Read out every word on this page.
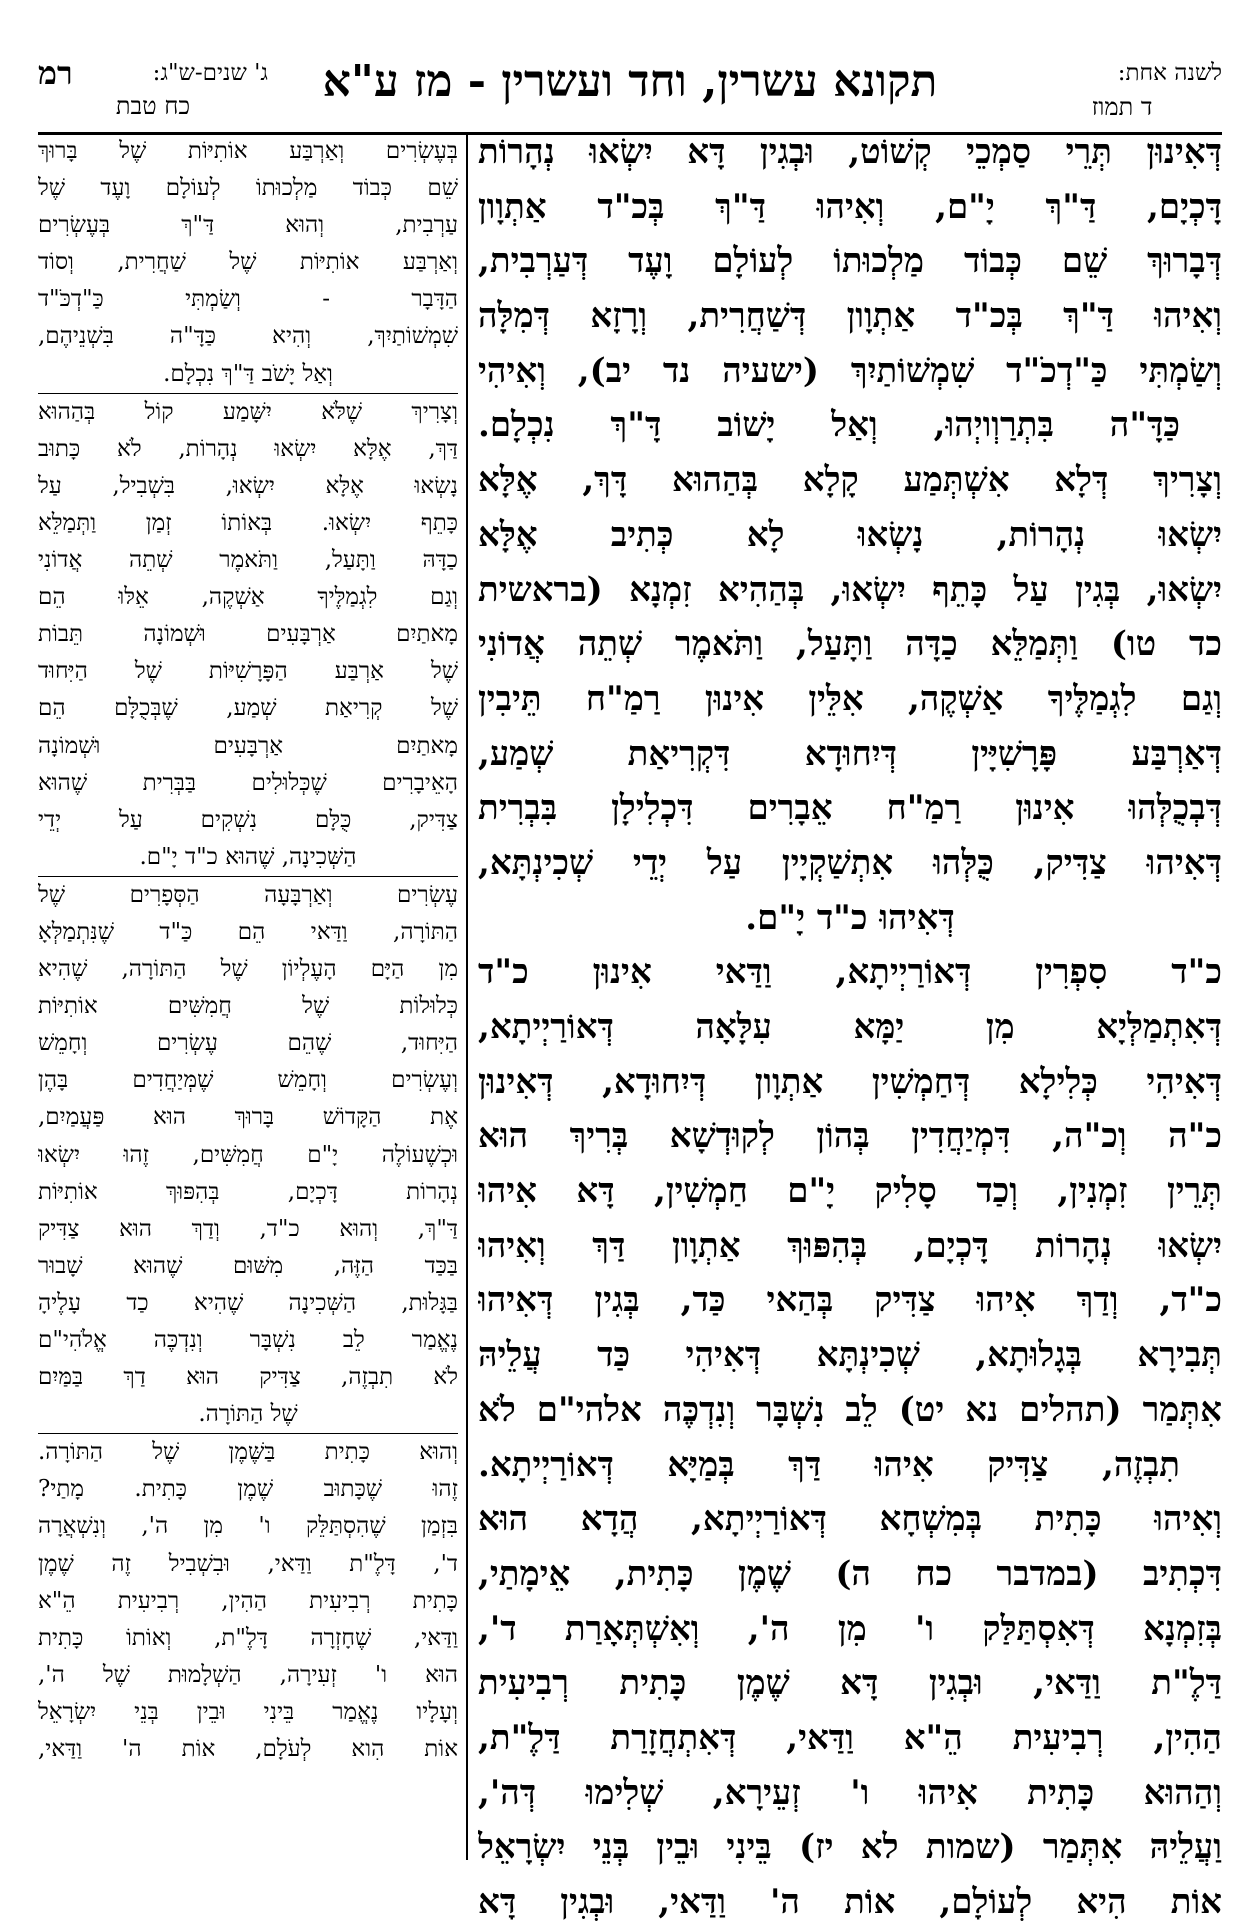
לשנה אחת:
ד תמוז
תקונא עשרין, וחד ועשרין - מז ע"א
ג' שנים-ש"ג:
רמ
כח טבת
דְּאִינוּן תְּרֵי סַמְכֵי קְשׁוֹט, וּבְגִין דָּא יִשְׂאוּ נְהָרוֹת
דָּכְיָם, דַּ"ךְ יָ"ם, וְאִיהוּ דַּ"ךְ בְּכ"ד אַתְוָון
דְּבָרוּךְ שֵׁם כְּבוֹד מַלְכוּתוֹ לְעוֹלָם וָעֶד דְּעַרְבִית,
וְאִיהוּ דַּ"ךְ בְּכ"ד אַתְוָון דְּשַׁחֲרִית, וְרָזָא דְּמִלָּה
וְשַׂמְתִּי כַּ"דְכֹ"ד שִׁמְשׁוֹתַיִךְ (ישעיה נד יב), וְאִיהִי
כַּדָּ"ה בִּתְרַוְויְהוּ, וְאַל יָשׁוֹב דָּ"ךְ נִכְלָם.
וְצָרִיךְ דְּלָא אִשְׁתְּמַע קָלָא בְּהַהוּא דָּךְ, אֶלָּא
יִשְׂאוּ נְהָרוֹת, נָשְׂאוּ לָא כְּתִיב אֶלָּא
יִשְׂאוּ, בְּגִין עַל כָּתֵף יִשְׂאוּ, בְּהַהִיא זִמְנָא (בראשית
כד טו) וַתְּמַלֵּא כַדָּה וַתָּעַל, וַתֹּאמֶר שְׁתֵה אֲדוֹנִי
וְגַם לִגְמַלֶּיךָ אַשְׁקֶה, אִלֵּין אִינוּן רַמַ"ח תֵּיבִין
דְּאַרְבַּע פָּרָשִׁיָּין דְּיִחוּדָא דִּקְרִיאַת שְׁמַע,
דְּבְכֻלְּהוּ אִינוּן רַמַ"ח אֵבָרִים דִּכְלִילָן בִּבְרִית
דְּאִיהוּ צַדִּיק, כֻּלְּהוּ אִתְשַׁקְיָין עַל יְדֵי שְׁכִינְתָּא,
דְּאִיהוּ כ"ד יָ"ם.
כ"ד סִפְרִין דְּאוֹרַיְיתָא, וַדַּאי אִינוּן כ"ד
דְּאִתְמַלְּיָא מִן יַמָּא עִלָּאָה דְּאוֹרַיְיתָא,
דְּאִיהִי כְּלִילָא דְּחַמְשִׁין אַתְוָון דְּיִחוּדָא, דְּאִינוּן
כ"ה וְכ"ה, דִּמְיַחֲדִין בְּהוֹן לְקוּדְשָׁא בְּרִיךְ הוּא
תְּרֵין זִמְנִין, וְכַד סָלִיק יָ"ם חַמְשִׁין, דָּא אִיהוּ
יִשְׂאוּ נְהָרוֹת דָּכְיָם, בְּהִפּוּךְ אַתְוָון דַּךְ וְאִיהוּ
כ"ד, וְדַךְ אִיהוּ צַדִּיק בְּהַאי כַּד, בְּגִין דְּאִיהוּ
תְּבִירָא בְּגָלוּתָא, שְׁכִינְתָּא דְּאִיהִי כַּד עֲלֵיהּ
אִתְּמַר (תהלים נא יט) לֵב נִשְׁבָּר וְנִדְכֶּה אלהי"ם לֹא
תִבְזֶה, צַדִּיק אִיהוּ דַּךְ בְּמַיָּא דְּאוֹרַיְיתָא.
וְאִיהוּ כָּתִית בְּמִשְׁחָא דְּאוֹרַיְיתָא, הֲדָא הוּא
דִּכְתִיב (במדבר כח ה) שֶׁמֶן כָּתִית, אֵימָתַי,
בְּזִמְנָא דְּאִסְתַּלַּק ו' מִן ה', וְאִשְׁתְּאָרַת ד',
דַּלֶ"ת וַדַּאי, וּבְגִין דָּא שֶׁמֶן כָּתִית רְבִיעִית
הַהִין, רְבִיעִית הֵ"א וַדַּאי, דְּאִתְחֲזָרַת דַּלֶ"ת,
וְהַהוּא כָּתִית אִיהוּ ו' זְעֵירָא, שְׁלִימוּ דְּה',
וַעֲלֵיהּ אִתְּמַר (שמות לא יז) בֵּינִי וּבֵין בְּנֵי יִשְׂרָאֵל
אוֹת הִיא לְעוֹלָם, אוֹת ה' וַדַּאי, וּבְגִין דָּא
בְּעֶשְׂרִים וְאַרְבַּע אוֹתִיּוֹת שֶׁל בָּרוּךְ
שֵׁם כְּבוֹד מַלְכוּתוֹ לְעוֹלָם וָעֶד שֶׁל
עַרְבִית, וְהוּא דַּ"ךְ בְּעֶשְׂרִים
וְאַרְבַּע אוֹתִיּוֹת שֶׁל שַׁחֲרִית, וְסוֹד
הַדָּבָר - וְשַׂמְתִּי כַּ"דְכֹּ"ד
שִׁמְשׁוֹתַיִךְ, וְהִיא כַּדָּ"ה בִּשְׁנֵיהֶם,
וְאַל יָשֹׁב דַּ"ךְ נִכְלָם.
וְצָרִיךְ שֶׁלֹּא יִשָּׁמַע קוֹל בְּהַהוּא
דַּךְ, אֶלָּא יִשְׂאוּ נְהָרוֹת, לֹא כָּתוּב
נָשְׂאוּ אֶלָּא יִשְׂאוּ, בִּשְׁבִיל, עַל
כָּתֵף יִשְׂאוּ. בְּאוֹתוֹ זְמַן וַתְּמַלֵּא
כַדָּהּ וַתָּעַל, וַתֹּאמֶר שְׁתֵה אֲדוֹנִי
וְגַם לִגְמַלֶּיךָ אַשְׁקֶה, אֵלּוּ הֵם
מָאתַיִם אַרְבָּעִים וּשְׁמוֹנָה תֵּבוֹת
שֶׁל אַרְבַּע הַפָּרָשִׁיּוֹת שֶׁל הַיִּחוּד
שֶׁל קְרִיאַת שְׁמַע, שֶׁבְּכֻלָּם הֵם
מָאתַיִם אַרְבָּעִים וּשְׁמוֹנָה
הָאֵיבָרִים שֶׁכְּלוּלִים בַּבְּרִית שֶׁהוּא
צַדִּיק, כֻּלָּם נִשְׁקִים עַל יְדֵי
הַשְּׁכִינָה, שֶׁהוּא כ"ד יָ"ם.
עֶשְׂרִים וְאַרְבָּעָה הַסְּפָרִים שֶׁל
הַתּוֹרָה, וַדַּאי הֵם כַּ"ד שֶׁנִּתְמַלְּאָ
מִן הַיָּם הָעֶלְיוֹן שֶׁל הַתּוֹרָה, שֶׁהִיא
כְּלוּלוֹת שֶׁל חֲמִשִּׁים אוֹתִיּוֹת
הַיִּחוּד, שֶׁהֵם עֶשְׂרִים וְחָמֵשׁ
וְעֶשְׂרִים וְחָמֵשׁ שֶׁמְּיַחֲדִים בָּהֶן
אֶת הַקָּדוֹשׁ בָּרוּךְ הוּא פַּעֲמַיִם,
וּכְשֶׁעוֹלֶה יָ"ם חֲמִשִּׁים, זֶהוּ יִשְׂאוּ
נְהָרוֹת דָּכְיָם, בְּהִפּוּךְ אוֹתִיּוֹת
דַּ"ךְ, וְהוּא כ"ד, וְדַךְ הוּא צַדִּיק
בַּכַּד הַזֶּה, מִשּׁוּם שֶׁהוּא שָׁבוּר
בַּגָּלוּת, הַשְּׁכִינָה שֶׁהִיא כַד עָלֶיהָ
נֶאֱמַר לֵב נִשְׁבָּר וְנִדְכֶּה אֱלֹהִי"ם
לֹא תִבְזֶה, צַדִּיק הוּא דַךְ בַּמַּיִם
שֶׁל הַתּוֹרָה.
וְהוּא כָּתִית בַּשֶּׁמֶן שֶׁל הַתּוֹרָה.
זֶהוּ שֶׁכָּתוּב שֶׁמֶן כָּתִית. מָתַי?
בִּזְמַן שֶׁהִסְתַּלֵּק ו' מִן ה', וְנִשְׁאֲרָה
ד', דָּלֶ"ת וַדַּאי, וּבִשְׁבִיל זֶה שֶׁמֶן
כָּתִית רְבִיעִית הַהִין, רְבִיעִית הֵ"א
וַדַּאי, שֶׁחָזְרָה דָּלֶ"ת, וְאוֹתוֹ כָּתִית
הוּא ו' זְעִירָה, הַשְׁלָמוּת שֶׁל ה',
וְעָלָיו נֶאֱמַר בֵּינִי וּבֵין בְּנֵי יִשְׂרָאֵל
אוֹת הִוא לְעֹלָם, אוֹת ה' וַדַּאי,
